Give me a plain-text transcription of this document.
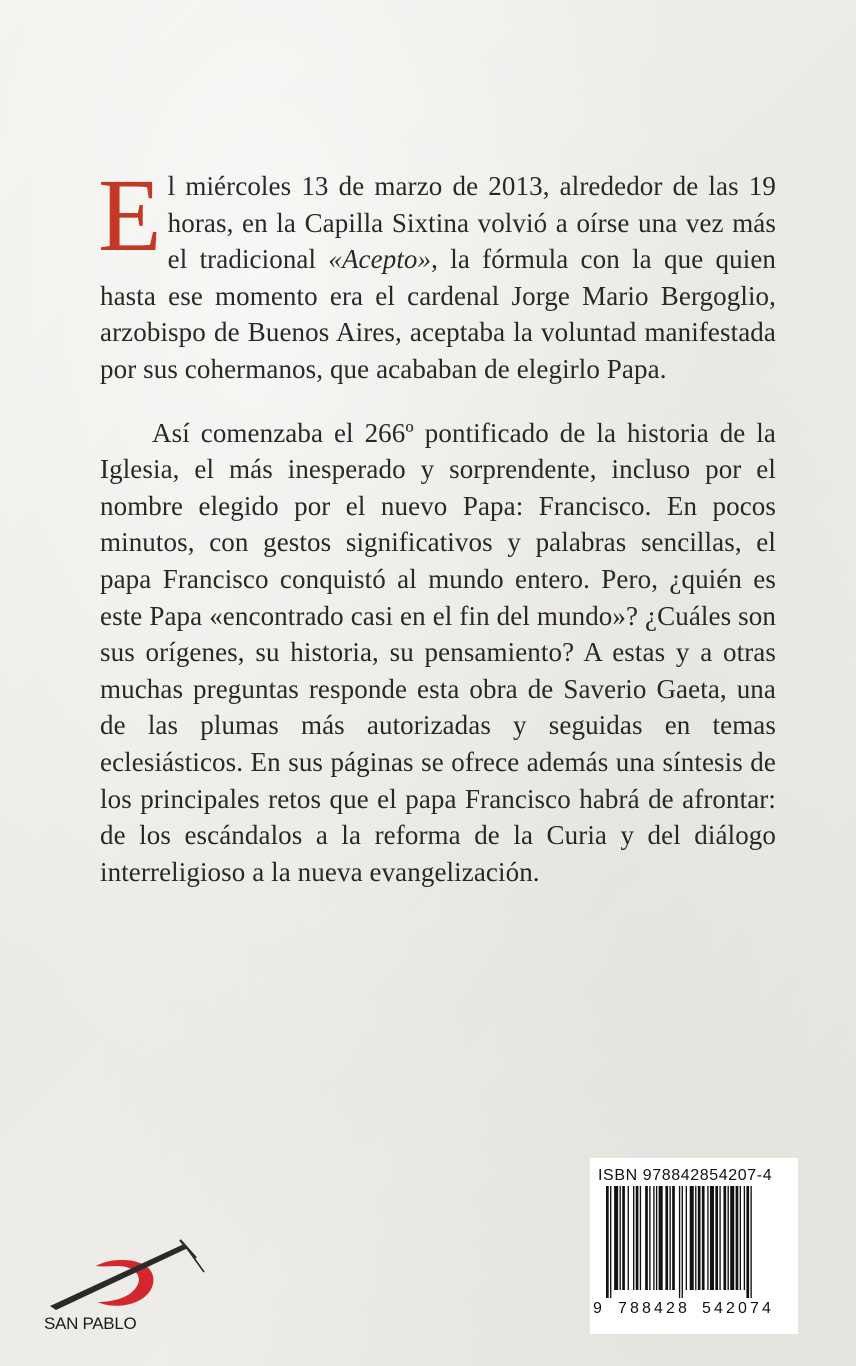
El miércoles 13 de marzo de 2013, alrededor de las 19 horas, en la Capilla Sixtina volvió a oírse una vez más el tradicional «Acepto», la fórmula con la que quien hasta ese momento era el cardenal Jorge Mario Bergoglio, arzobispo de Buenos Aires, aceptaba la voluntad manifestada por sus cohermanos, que acababan de elegirlo Papa.

Así comenzaba el 266º pontificado de la historia de la Iglesia, el más inesperado y sorprendente, incluso por el nombre elegido por el nuevo Papa: Francisco. En pocos minutos, con gestos significativos y palabras sencillas, el papa Francisco conquistó al mundo entero. Pero, ¿quién es este Papa «encontrado casi en el fin del mundo»? ¿Cuáles son sus orígenes, su historia, su pensamiento? A estas y a otras muchas preguntas responde esta obra de Saverio Gaeta, una de las plumas más autorizadas y seguidas en temas eclesiásticos. En sus páginas se ofrece además una síntesis de los principales retos que el papa Francisco habrá de afrontar: de los escándalos a la reforma de la Curia y del diálogo interreligioso a la nueva evangelización.

SAN PABLO
ISBN 978842854207-4
9 788428 542074
